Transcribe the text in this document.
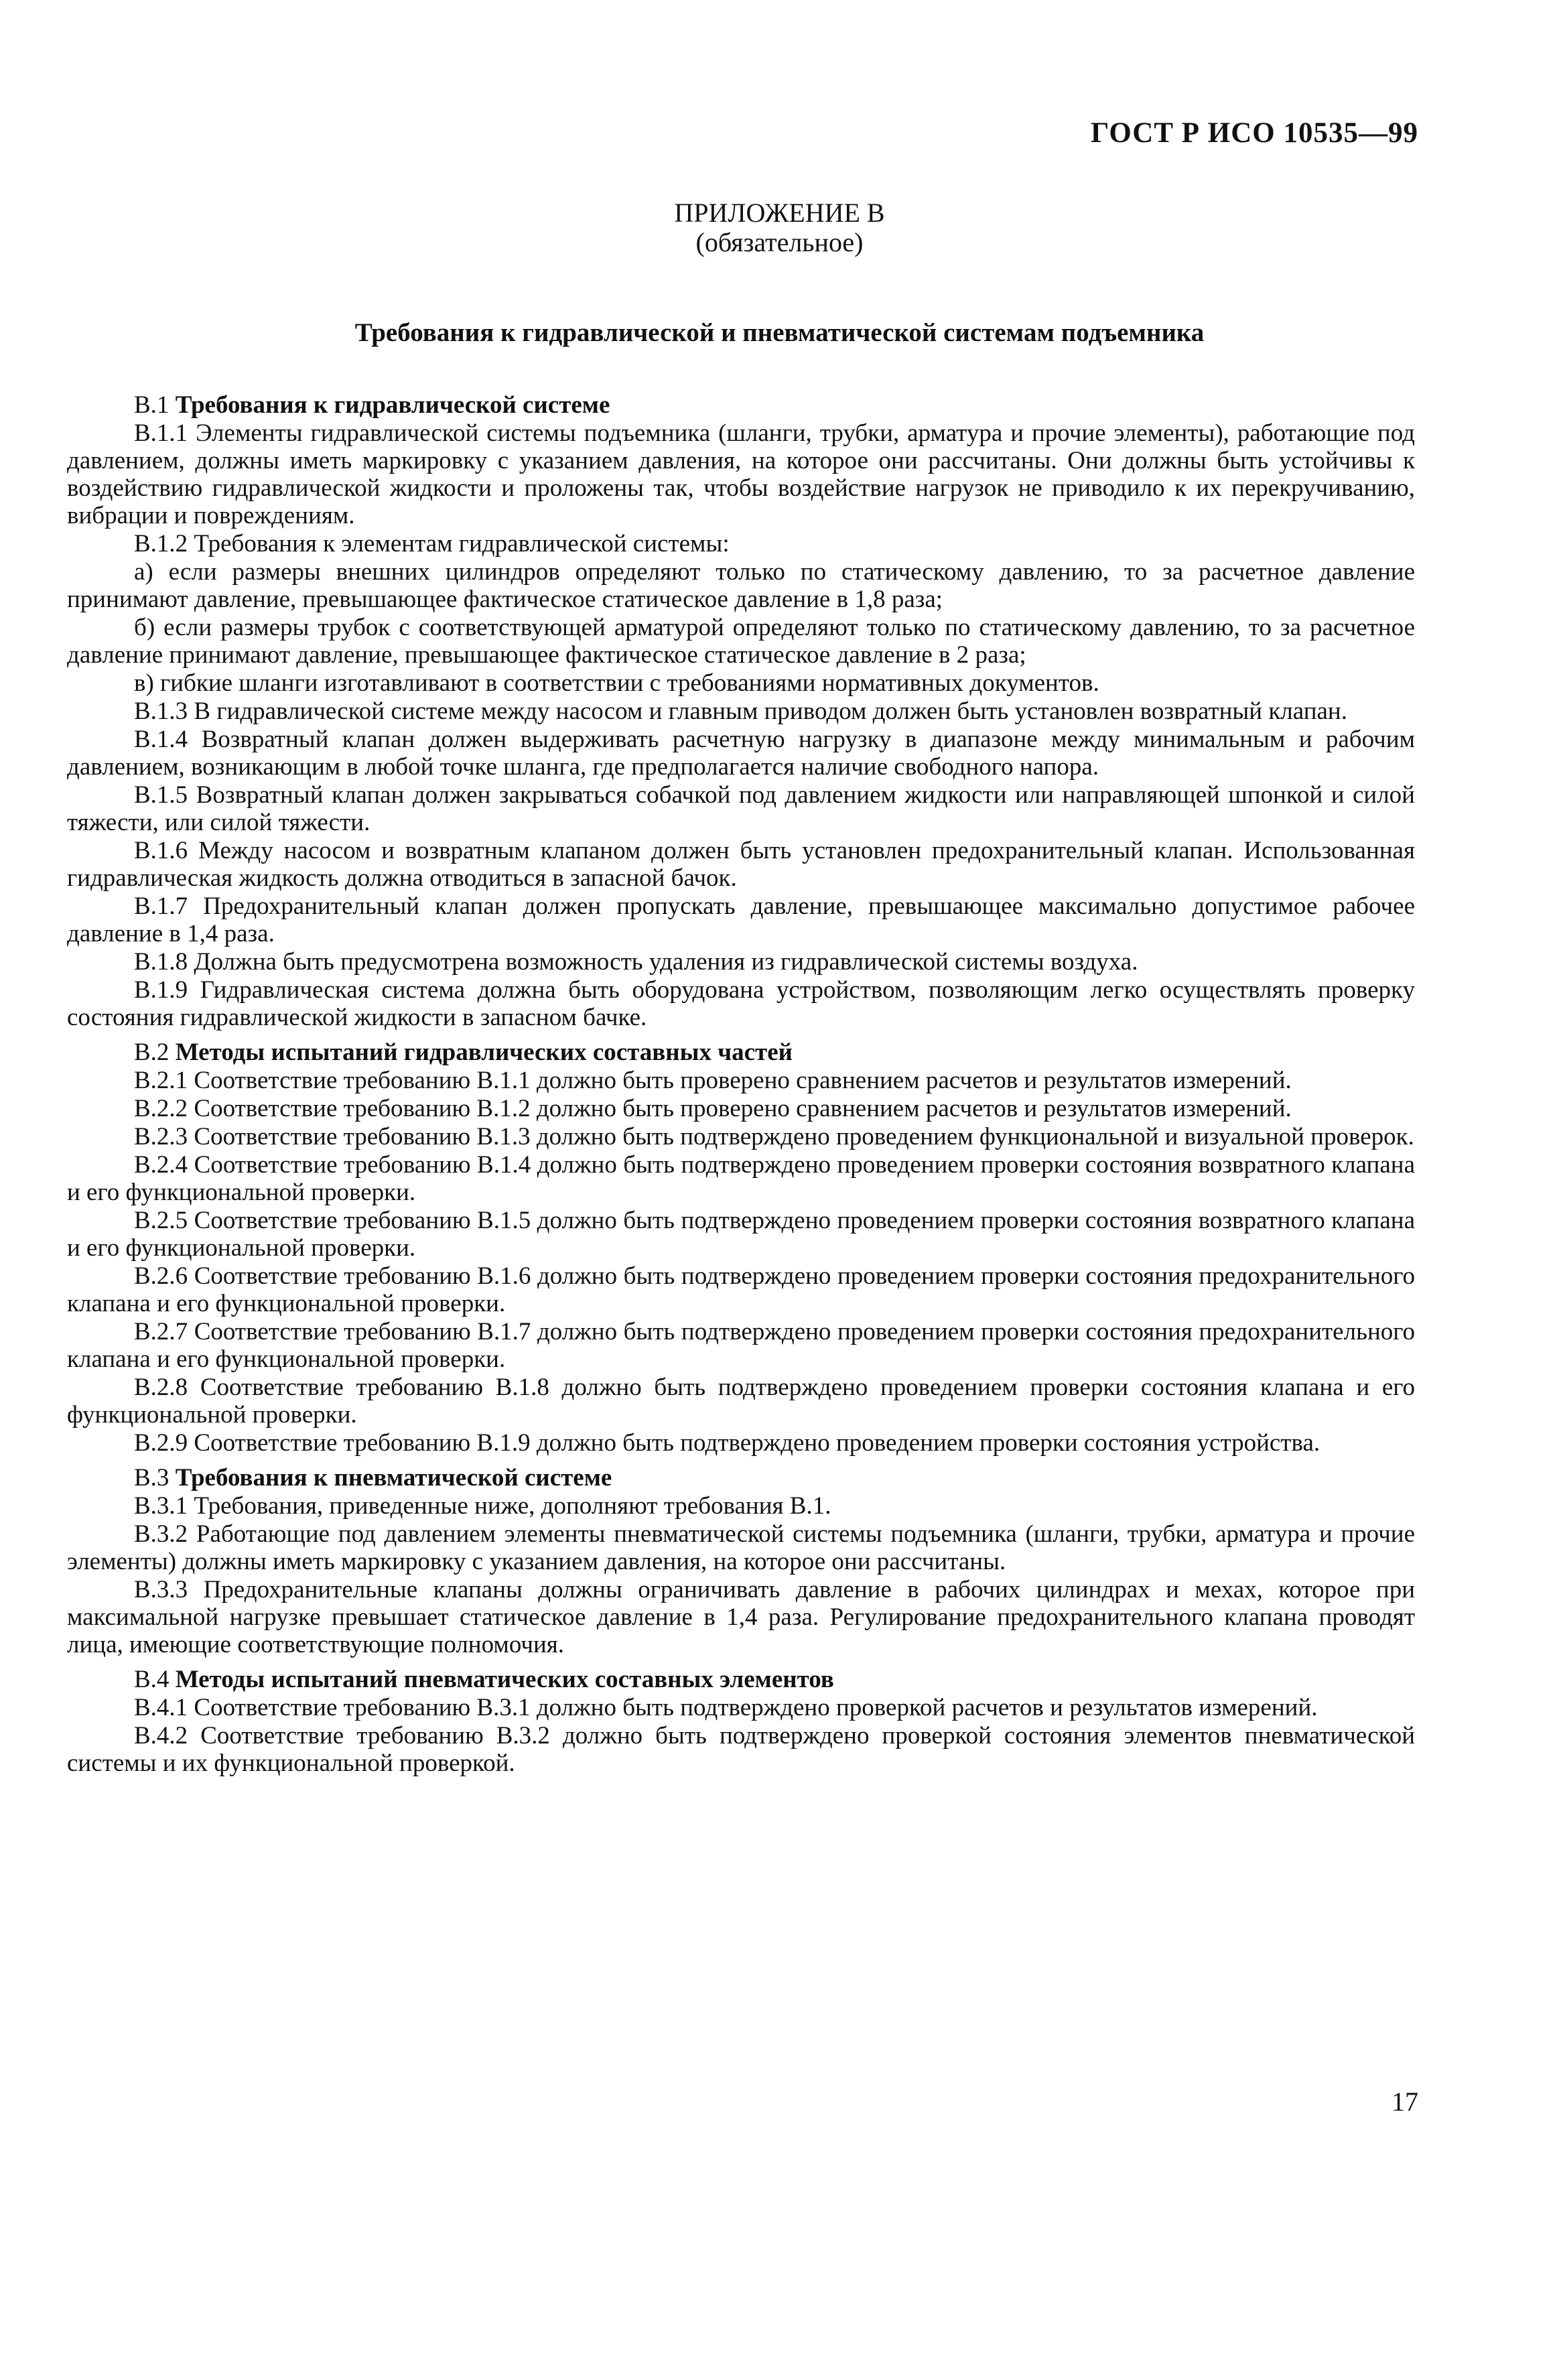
ГОСТ Р ИСО 10535—99
ПРИЛОЖЕНИЕ В
(обязательное)
Требования к гидравлической и пневматической системам подъемника
В.1 Требования к гидравлической системе

В.1.1 Элементы гидравлической системы подъемника (шланги, трубки, арматура и прочие элементы), работающие под давлением, должны иметь маркировку с указанием давления, на которое они рассчитаны. Они должны быть устойчивы к воздействию гидравлической жидкости и проложены так, чтобы воздействие нагрузок не приводило к их перекручиванию, вибрации и повреждениям.

В.1.2 Требования к элементам гидравлической системы:

а) если размеры внешних цилиндров определяют только по статическому давлению, то за расчетное давление принимают давление, превышающее фактическое статическое давление в 1,8 раза;

б) если размеры трубок с соответствующей арматурой определяют только по статическому давлению, то за расчетное давление принимают давление, превышающее фактическое статическое давление в 2 раза;

в) гибкие шланги изготавливают в соответствии с требованиями нормативных документов.

В.1.3 В гидравлической системе между насосом и главным приводом должен быть установлен возвратный клапан.

В.1.4 Возвратный клапан должен выдерживать расчетную нагрузку в диапазоне между минимальным и рабочим давлением, возникающим в любой точке шланга, где предполагается наличие свободного напора.

В.1.5 Возвратный клапан должен закрываться собачкой под давлением жидкости или направляющей шпонкой и силой тяжести, или силой тяжести.

В.1.6 Между насосом и возвратным клапаном должен быть установлен предохранительный клапан. Использованная гидравлическая жидкость должна отводиться в запасной бачок.

В.1.7 Предохранительный клапан должен пропускать давление, превышающее максимально допустимое рабочее давление в 1,4 раза.

В.1.8 Должна быть предусмотрена возможность удаления из гидравлической системы воздуха.

В.1.9 Гидравлическая система должна быть оборудована устройством, позволяющим легко осуществлять проверку состояния гидравлической жидкости в запасном бачке.

В.2 Методы испытаний гидравлических составных частей

В.2.1 Соответствие требованию В.1.1 должно быть проверено сравнением расчетов и результатов измерений.

В.2.2 Соответствие требованию В.1.2 должно быть проверено сравнением расчетов и результатов измерений.

В.2.3 Соответствие требованию В.1.3 должно быть подтверждено проведением функциональной и визуальной проверок.

В.2.4 Соответствие требованию В.1.4 должно быть подтверждено проведением проверки состояния возвратного клапана и его функциональной проверки.

В.2.5 Соответствие требованию В.1.5 должно быть подтверждено проведением проверки состояния возвратного клапана и его функциональной проверки.

В.2.6 Соответствие требованию В.1.6 должно быть подтверждено проведением проверки состояния предохранительного клапана и его функциональной проверки.

В.2.7 Соответствие требованию В.1.7 должно быть подтверждено проведением проверки состояния предохранительного клапана и его функциональной проверки.

В.2.8 Соответствие требованию В.1.8 должно быть подтверждено проведением проверки состояния клапана и его функциональной проверки.

В.2.9 Соответствие требованию В.1.9 должно быть подтверждено проведением проверки состояния устройства.

В.3 Требования к пневматической системе

В.3.1 Требования, приведенные ниже, дополняют требования В.1.

В.3.2 Работающие под давлением элементы пневматической системы подъемника (шланги, трубки, арматура и прочие элементы) должны иметь маркировку с указанием давления, на которое они рассчитаны.

В.3.3 Предохранительные клапаны должны ограничивать давление в рабочих цилиндрах и мехах, которое при максимальной нагрузке превышает статическое давление в 1,4 раза. Регулирование предохранительного клапана проводят лица, имеющие соответствующие полномочия.

В.4 Методы испытаний пневматических составных элементов

В.4.1 Соответствие требованию В.3.1 должно быть подтверждено проверкой расчетов и результатов измерений.

В.4.2 Соответствие требованию В.3.2 должно быть подтверждено проверкой состояния элементов пневматической системы и их функциональной проверкой.

17
